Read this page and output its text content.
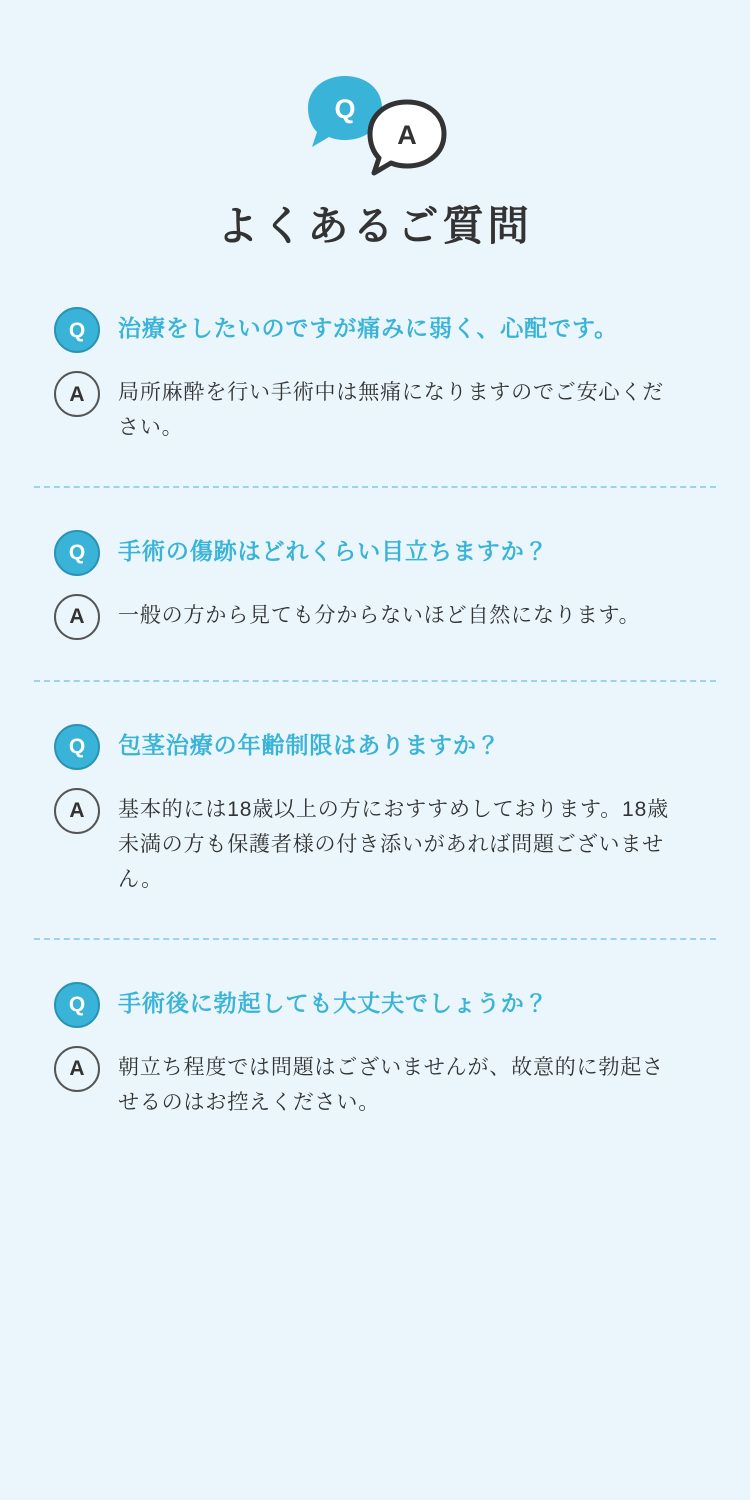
Q
A
よくあるご質問
Q	治療をしたいのですが痛みに弱く、心配です。
A	局所麻酔を行い手術中は無痛になりますのでご安心ください。
Q	手術の傷跡はどれくらい目立ちますか？
A	一般の方から見ても分からないほど自然になります。
Q	包茎治療の年齢制限はありますか？
A	基本的には18歳以上の方におすすめしております。18歳未満の方も保護者様の付き添いがあれば問題ございません。
Q	手術後に勃起しても大丈夫でしょうか？
A	朝立ち程度では問題はございませんが、故意的に勃起させるのはお控えください。
